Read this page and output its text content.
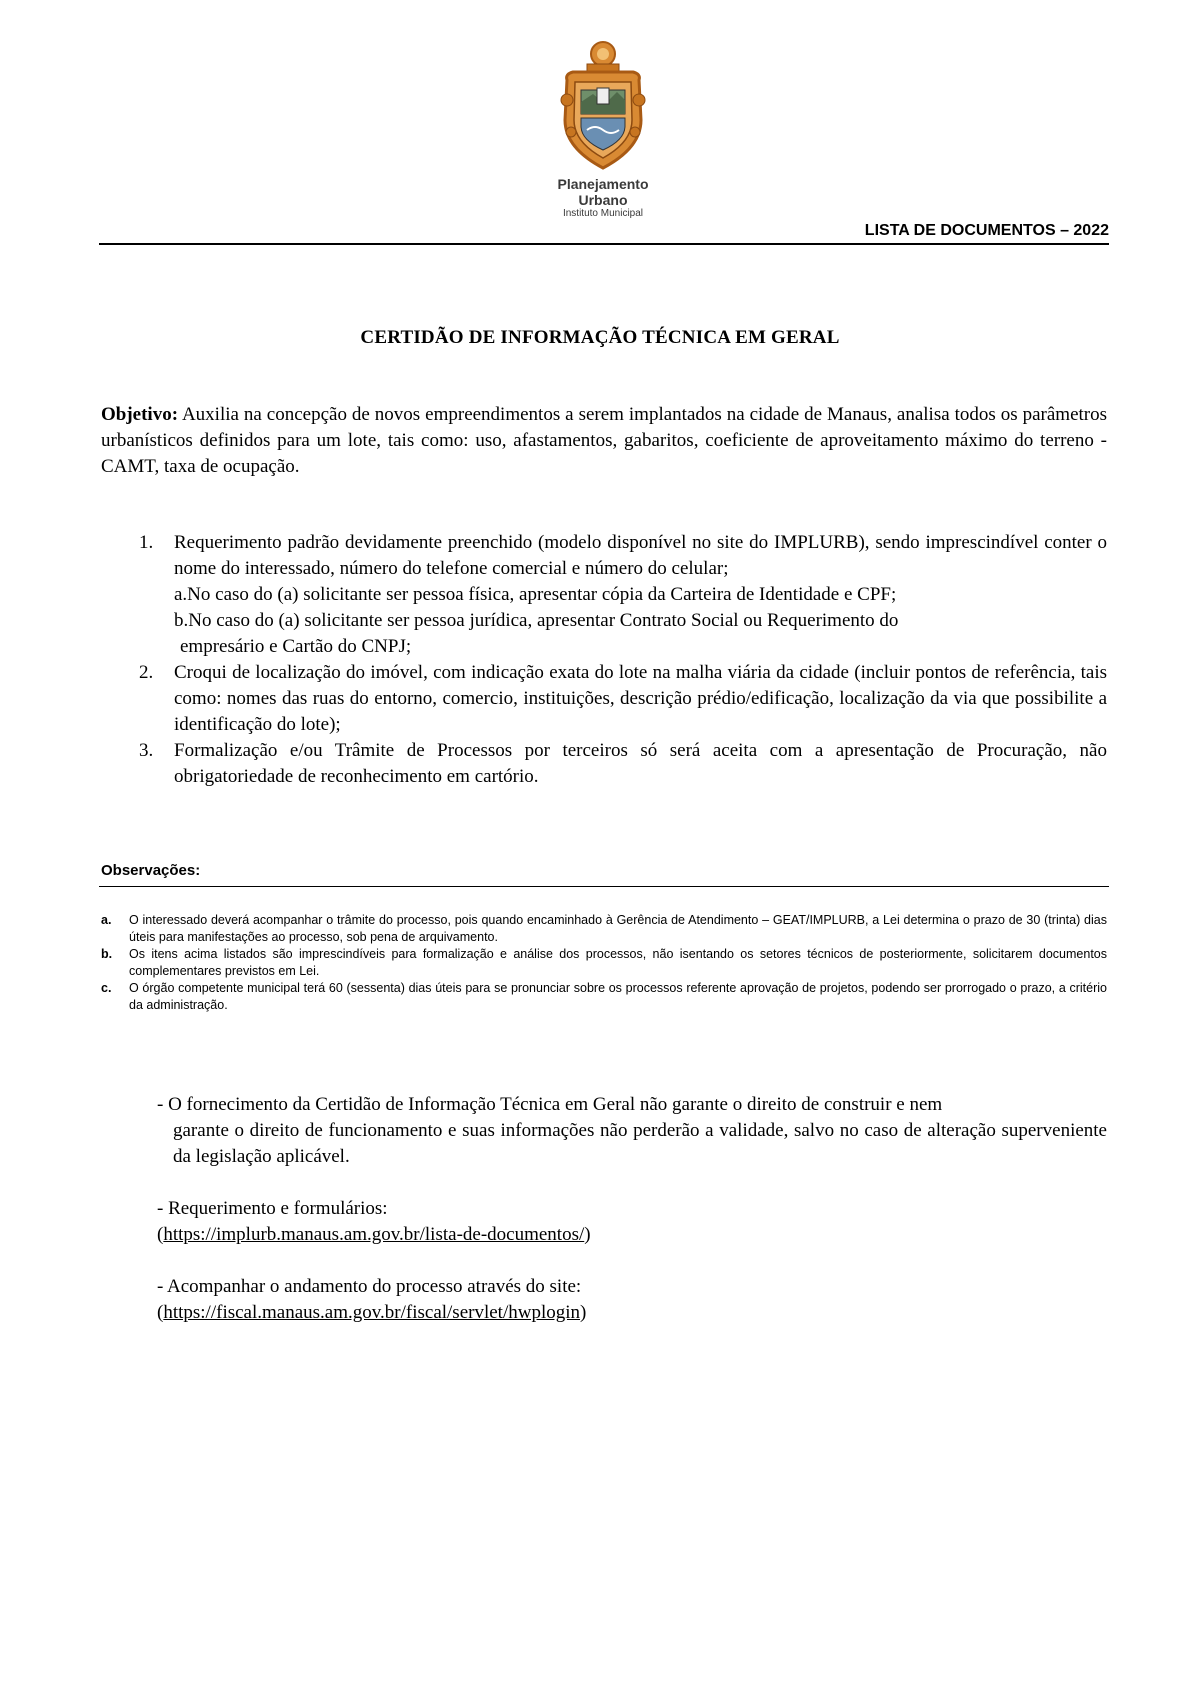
Planejamento
Urbano
Instituto Municipal
LISTA DE DOCUMENTOS – 2022
CERTIDÃO DE INFORMAÇÃO TÉCNICA EM GERAL
Objetivo: Auxilia na concepção de novos empreendimentos a serem implantados na cidade de Manaus, analisa todos os parâmetros urbanísticos definidos para um lote, tais como: uso, afastamentos, gabaritos, coeficiente de aproveitamento máximo do terreno - CAMT, taxa de ocupação.
1. Requerimento padrão devidamente preenchido (modelo disponível no site do IMPLURB), sendo imprescindível conter o nome do interessado, número do telefone comercial e número do celular;
a.No caso do (a) solicitante ser pessoa física, apresentar cópia da Carteira de Identidade e CPF;
b.No caso do (a) solicitante ser pessoa jurídica, apresentar Contrato Social ou Requerimento do
empresário e Cartão do CNPJ;
2. Croqui de localização do imóvel, com indicação exata do lote na malha viária da cidade (incluir pontos de referência, tais como: nomes das ruas do entorno, comercio, instituições, descrição prédio/edificação, localização da via que possibilite a identificação do lote);
3. Formalização e/ou Trâmite de Processos por terceiros só será aceita com a apresentação de Procuração, não obrigatoriedade de reconhecimento em cartório.
Observações:
a. O interessado deverá acompanhar o trâmite do processo, pois quando encaminhado à Gerência de Atendimento – GEAT/IMPLURB, a Lei determina o prazo de 30 (trinta) dias úteis para manifestações ao processo, sob pena de arquivamento.
b. Os itens acima listados são imprescindíveis para formalização e análise dos processos, não isentando os setores técnicos de posteriormente, solicitarem documentos complementares previstos em Lei.
c. O órgão competente municipal terá 60 (sessenta) dias úteis para se pronunciar sobre os processos referente aprovação de projetos, podendo ser prorrogado o prazo, a critério da administração.

- O fornecimento da Certidão de Informação Técnica em Geral não garante o direito de construir e nem
garante o direito de funcionamento e suas informações não perderão a validade, salvo no caso de alteração superveniente da legislação aplicável.

- Requerimento e formulários:
(https://implurb.manaus.am.gov.br/lista-de-documentos/)

- Acompanhar o andamento do processo através do site:
(https://fiscal.manaus.am.gov.br/fiscal/servlet/hwplogin)
